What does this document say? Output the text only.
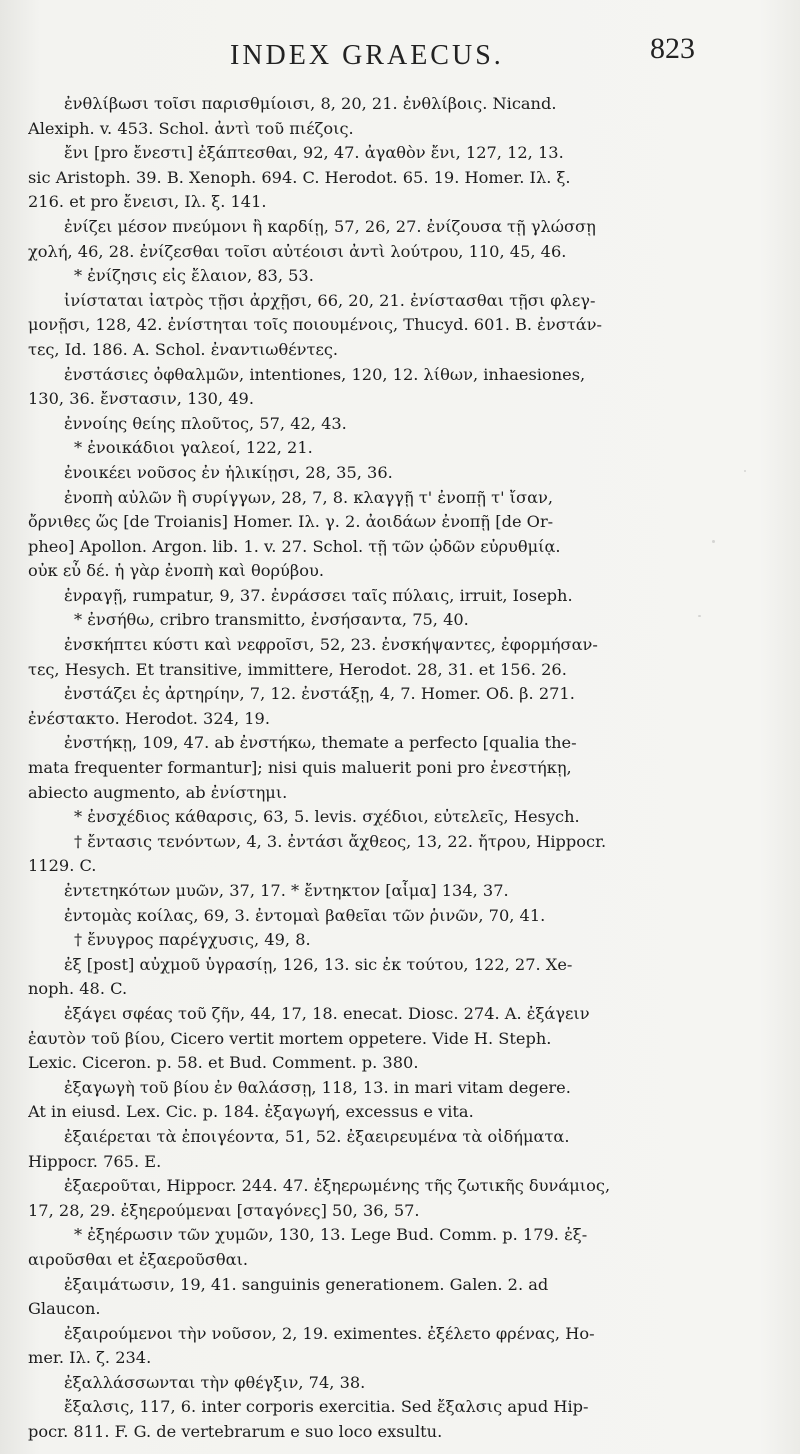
INDEX GRAECUS.	823
ἐνθλίβωσι τοῖσι παρισθμίοισι, 8, 20, 21. ἐνθλίβοις. Nicand.
Alexiph. v. 453. Schol. ἀντὶ τοῦ πιέζοις.
ἔνι [pro ἔνεστι] ἐξάπτεσθαι, 92, 47. ἀγαθὸν ἔνι, 127, 12, 13.
sic Aristoph. 39. B. Xenoph. 694. C. Herodot. 65. 19. Homer. Ιλ. ξ.
216. et pro ἔνεισι, Ιλ. ξ. 141.
ἐνίζει μέσον πνεύμονι ἢ καρδίῃ, 57, 26, 27. ἐνίζουσα τῇ γλώσσῃ
χολή, 46, 28. ἐνίζεσθαι τοῖσι αὐτέοισι ἀντὶ λούτρου, 110, 45, 46.
* ἐνίζησις εἰς ἔλαιον, 83, 53.
ἰνίσταται ἰατρὸς τῇσι ἀρχῇσι, 66, 20, 21. ἐνίστασθαι τῇσι φλεγ-
μονῇσι, 128, 42. ἐνίστηται τοῖς ποιουμένοις, Thucyd. 601. B. ἐνστάν-
τες, Id. 186. A. Schol. ἐναντιωθέντες.
ἐνστάσιες ὀφθαλμῶν, intentiones, 120, 12. λίθων, inhaesiones,
130, 36. ἔνστασιν, 130, 49.
ἐννοίης θείης πλοῦτος, 57, 42, 43.
* ἐνοικάδιοι γαλεοί, 122, 21.
ἐνοικέει νοῦσος ἐν ἡλικίῃσι, 28, 35, 36.
ἐνοπὴ αὐλῶν ἢ συρίγγων, 28, 7, 8. κλαγγῇ τ' ἐνοπῇ τ' ἴσαν,
ὄρνιθες ὥς [de Troianis] Homer. Ιλ. γ. 2. ἀοιδάων ἐνοπῇ [de Or-
pheo] Apollon. Argon. lib. 1. v. 27. Schol. τῇ τῶν ᾠδῶν εὐρυθμίᾳ.
οὐκ εὖ δέ. ἡ γὰρ ἐνοπὴ καὶ θορύβου.
ἐνραγῇ, rumpatur, 9, 37. ἐνράσσει ταῖς πύλαις, irruit, Ioseph.
* ἐνσήθω, cribro transmitto, ἐνσήσαντα, 75, 40.
ἐνσκήπτει κύστι καὶ νεφροῖσι, 52, 23. ἐνσκήψαντες, ἐφορμήσαν-
τες, Hesych. Et transitive, immittere, Herodot. 28, 31. et 156. 26.
ἐνστάζει ἐς ἀρτηρίην, 7, 12. ἐνστάξῃ, 4, 7. Homer. Οδ. β. 271.
ἐνέστακτο. Herodot. 324, 19.
ἐνστήκῃ, 109, 47. ab ἐνστήκω, themate a perfecto [qualia the-
mata frequenter formantur]; nisi quis maluerit poni pro ἐνεστήκῃ,
abiecto augmento, ab ἐνίστημι.
* ἐνσχέδιος κάθαρσις, 63, 5. levis. σχέδιοι, εὐτελεῖς, Hesych.
† ἔντασις τενόντων, 4, 3. ἐντάσι ἄχθεος, 13, 22. ἤτρου, Hippocr.
1129. C.
ἐντετηκότων μυῶν, 37, 17. * ἔντηκτον [αἷμα] 134, 37.
ἐντομὰς κοίλας, 69, 3. ἐντομαὶ βαθεῖαι τῶν ῥινῶν, 70, 41.
† ἔνυγρος παρέγχυσις, 49, 8.
ἐξ [post] αὐχμοῦ ὑγρασίῃ, 126, 13. sic ἐκ τούτου, 122, 27. Xe-
noph. 48. C.
ἐξάγει σφέας τοῦ ζῆν, 44, 17, 18. enecat. Diosc. 274. A. ἐξάγειν
ἑαυτὸν τοῦ βίου, Cicero vertit mortem oppetere. Vide H. Steph.
Lexic. Ciceron. p. 58. et Bud. Comment. p. 380.
ἐξαγωγὴ τοῦ βίου ἐν θαλάσσῃ, 118, 13. in mari vitam degere.
At in eiusd. Lex. Cic. p. 184. ἐξαγωγή, excessus e vita.
ἐξαιέρεται τὰ ἐποιγέοντα, 51, 52. ἐξαειρευμένα τὰ οἰδήματα.
Hippocr. 765. E.
ἐξαεροῦται, Hippocr. 244. 47. ἐξηερωμένης τῆς ζωτικῆς δυνάμιος,
17, 28, 29. ἐξηερούμεναι [σταγόνες] 50, 36, 57.
* ἐξηέρωσιν τῶν χυμῶν, 130, 13. Lege Bud. Comm. p. 179. ἐξ-
αιροῦσθαι et ἐξαεροῦσθαι.
ἐξαιμάτωσιν, 19, 41. sanguinis generationem. Galen. 2. ad
Glaucon.
ἐξαιρούμενοι τὴν νοῦσον, 2, 19. eximentes. ἐξέλετο φρένας, Ho-
mer. Ιλ. ζ. 234.
ἐξαλλάσσωνται τὴν φθέγξιν, 74, 38.
ἔξαλσις, 117, 6. inter corporis exercitia. Sed ἔξαλσις apud Hip-
pocr. 811. F. G. de vertebrarum e suo loco exsultu.
